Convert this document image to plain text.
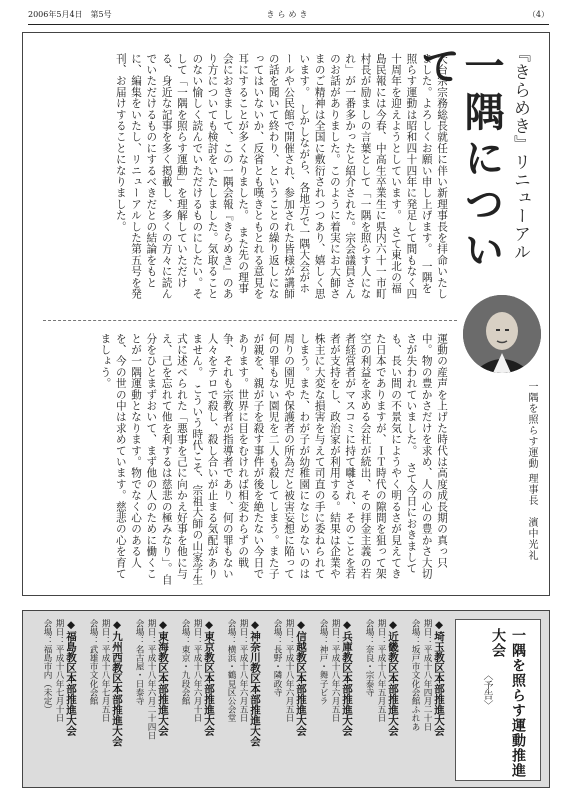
2006年5月4日　第5号	きらめき	（4）
『きらめき』リニューアル
一隅について
一隅を照らす運動 理事長　濱中光礼
天台宗宗務総長就任に伴い新理事長を拝命いたしました。よろしくお願い申し上げます。　一隅を照らす運動は昭和四十四年に発足して間もなく四十周年を迎えようとしています。　さて東北の福島民報には今春、中高生卒業生に県内六十一市町村長が励ましの言葉として「一隅を照らす人になれ」が一番多かったと紹介された。宗会議員さんのお話がありました。このように着実にお大師さまのご精神は全国に敷衍されつつあり、嬉しく思います。　しかしながら、各地方で一隅大会がホールや公民館で開催され、参加された皆様が講師の話を聞いて終わり、ということの繰り返しになってはいないか、反省とも嘆きともとれる意見を耳にすることが多くなりました。　また先の理事会におきまして、この一隅会報『きらめき』のあり方についても検討をいたしました。気取ることのない愉しく読んでいただけるものにしたい。そして「一隅を照らす運動」を理解していただける、身近な記事を多く掲載し、多くの方々に読んでいただけるものにするべきだとの結論をもとに、編集をいたし、リニューアルした第五号を発刊、お届けすることになりました。
運動の産声を上げた時代は高度成長期の真っ只中。物の豊かさだけを求め、人の心の豊かさ大切さが失われていました。　さて今日におきましても、長い間の不景気にようやく明るさが見えてきた日本でありますが、ＩＴ時代の隙間を狙って架空の利益を求める会社が続出、その拝金主義の若者経営者がマスコミに持て囃され、そのことを若者が支持をし、政治家が利用する。結果は企業や株主に大変な損害を与えて司直の手に委ねられてしまう。また、わが子が幼稚園になじめないのは周りの園児や保護者の所為だと被害妄想に陥って何の罪もない園児を二人も殺してしまう。また子が親を、親が子を殺す事件が後を絶たない今日であります。世界に目をむければ相変わらずの戦争、それも宗教者が指導者であり、何の罪もない人々をテロで殺し、殺し合いが止まる気配がありません。　こういう時代こそ、宗祖大師の山家学生式に述べられた「悪事を己に向かえ好事を他に与え、己を忘れて他を利するは慈悲の極みなり」。自分をひとまずおいて、まず他の人のために働くことが一隅運動となります。物でなく心のある人を、今の世の中は求めています。慈悲の心を育てましょう。
一隅を照らす運動推進大会
〈予告〉
◆埼玉教区本部推進大会
期日：平成十八年四月二十日
会場：坂戸市文化会館ふれあ
◆近畿教区本部推進大会
期日：平成十八年五月五日
会場：奈良・宗泰寺
◆兵庫教区本部推進大会
期日：平成十八年六月五日
会場：神戸・舞子ビラ
◆信越教区本部推進大会
期日：平成十八年六月五日
会場：長野・隣政寺
◆神奈川教区本部推進大会
期日：平成十八年六月五日
会場：横浜・鶴見区公会堂
◆東京教区本部推進大会
期日：平成十八年六月十日
会場：東京・九段会館
◆東海教区本部推進大会
期日：平成十八年六月二十四日
会場：名古屋・日泰寺
◆九州西教区本部推進大会
期日：平成十八年七月五日
会場：武雄市文化会館
◆福島教区本部推進大会
期日：平成十八年七月十日
会場：福島市内（未定）
